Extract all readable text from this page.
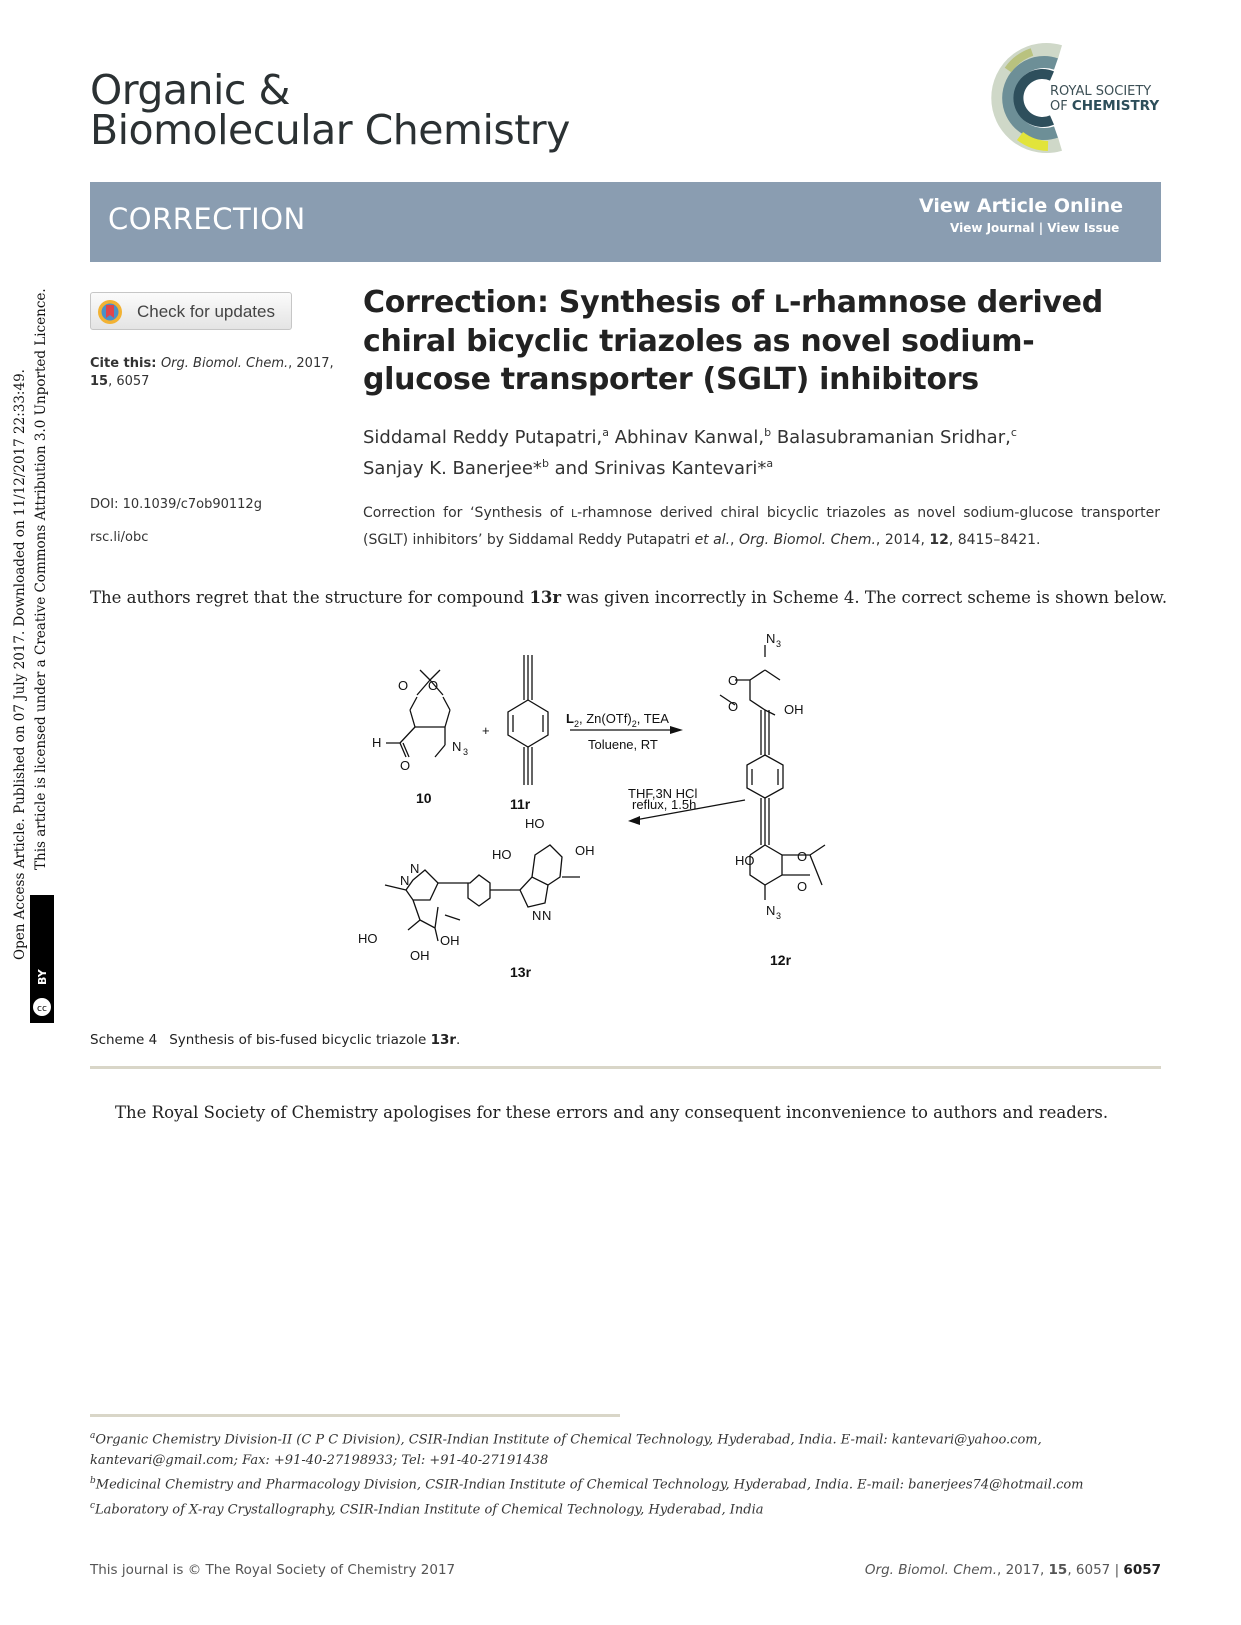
Organic &
Biomolecular Chemistry
ROYAL SOCIETY
OF CHEMISTRY
CORRECTION	View Article Online
View Journal | View Issue
Check for updates
Cite this: Org. Biomol. Chem., 2017,
15, 6057
DOI: 10.1039/c7ob90112g
rsc.li/obc
Correction: Synthesis of L-rhamnose derived chiral bicyclic triazoles as novel sodium-glucose transporter (SGLT) inhibitors
Siddamal Reddy Putapatri,$^a$ Abhinav Kanwal,$^b$ Balasubramanian Sridhar,$^c$
Sanjay K. Banerjee*$^b$ and Srinivas Kantevari*$^a$
Correction for ‘Synthesis of L-rhamnose derived chiral bicyclic triazoles as novel sodium-glucose transporter (SGLT) inhibitors’ by Siddamal Reddy Putapatri et al., Org. Biomol. Chem., 2014, 12, 8415–8421.
The authors regret that the structure for compound 13r was given incorrectly in Scheme 4. The correct scheme is shown below.
O O
H
O
N 3
+
$L_2$, $Zn(OTf)_2$, TEA
Toluene, RT
N 3
O
O	OH
THF,3N HCl
reflux, 1.5h
HO	O
O
N 3
HO
OH
HO
N
N
N N
HO	OH
OH
10	11r
12r
13r
Scheme 4 Synthesis of bis-fused bicyclic triazole 13r.
The Royal Society of Chemistry apologises for these errors and any consequent inconvenience to authors and readers.
$^a$Organic Chemistry Division-II (C P C Division), CSIR-Indian Institute of Chemical Technology, Hyderabad, India. E-mail: kantevari@yahoo.com, kantevari@gmail.com; Fax: +91-40-27198933; Tel: +91-40-27191438
$^b$Medicinal Chemistry and Pharmacology Division, CSIR-Indian Institute of Chemical Technology, Hyderabad, India. E-mail: banerjees74@hotmail.com
$^c$Laboratory of X-ray Crystallography, CSIR-Indian Institute of Chemical Technology, Hyderabad, India
This journal is © The Royal Society of Chemistry 2017	Org. Biomol. Chem., 2017, 15, 6057 | 6057
Open Access Article. Published on 07 July 2017. Downloaded on 11/12/2017 22:33:49. This article is licensed under a Creative Commons Attribution 3.0 Unported Licence.
cc
BY
